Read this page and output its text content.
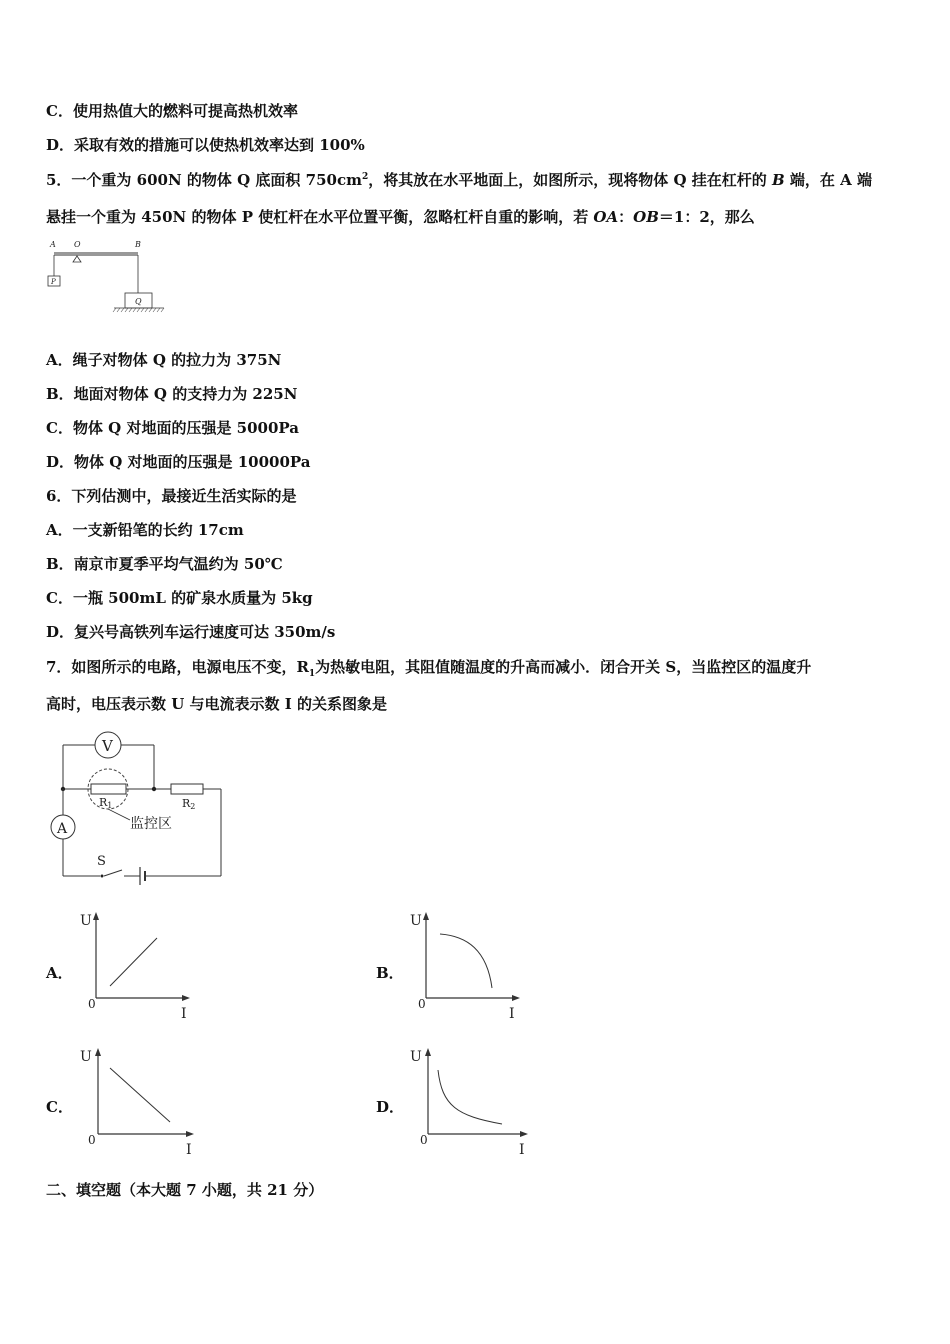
C．使用热值大的燃料可提高热机效率
D．采取有效的措施可以使热机效率达到 100%
5．一个重为 600N 的物体 Q 底面积 $750cm^2$，将其放在水平地面上，如图所示，现将物体 Q 挂在杠杆的 B 端，在 A 端
悬挂一个重为 450N 的物体 P 使杠杆在水平位置平衡，忽略杠杆自重的影响，若 OA：OB＝1：2，那么
A O	B
P
Q
A．绳子对物体 Q 的拉力为 375N
B．地面对物体 Q 的支持力为 225N
C．物体 Q 对地面的压强是 5000Pa
D．物体 Q 对地面的压强是 10000Pa
6．下列估测中，最接近生活实际的是
A．一支新铅笔的长约 17cm
B．南京市夏季平均气温约为 50℃
C．一瓶 500mL 的矿泉水质量为 5kg
D．复兴号高铁列车运行速度可达 350m/s
7．如图所示的电路，电源电压不变，$R_1$为热敏电阻，其阻值随温度的升高而减小．闭合开关 S，当监控区的温度升
高时，电压表示数 U 与电流表示数 I 的关系图象是
V
R1
监控区
R2
A
S
A．
U
0
I
B．
U
0
I
C．
U
0
I
D．
U
0
I
二、填空题（本大题 7 小题，共 21 分）
